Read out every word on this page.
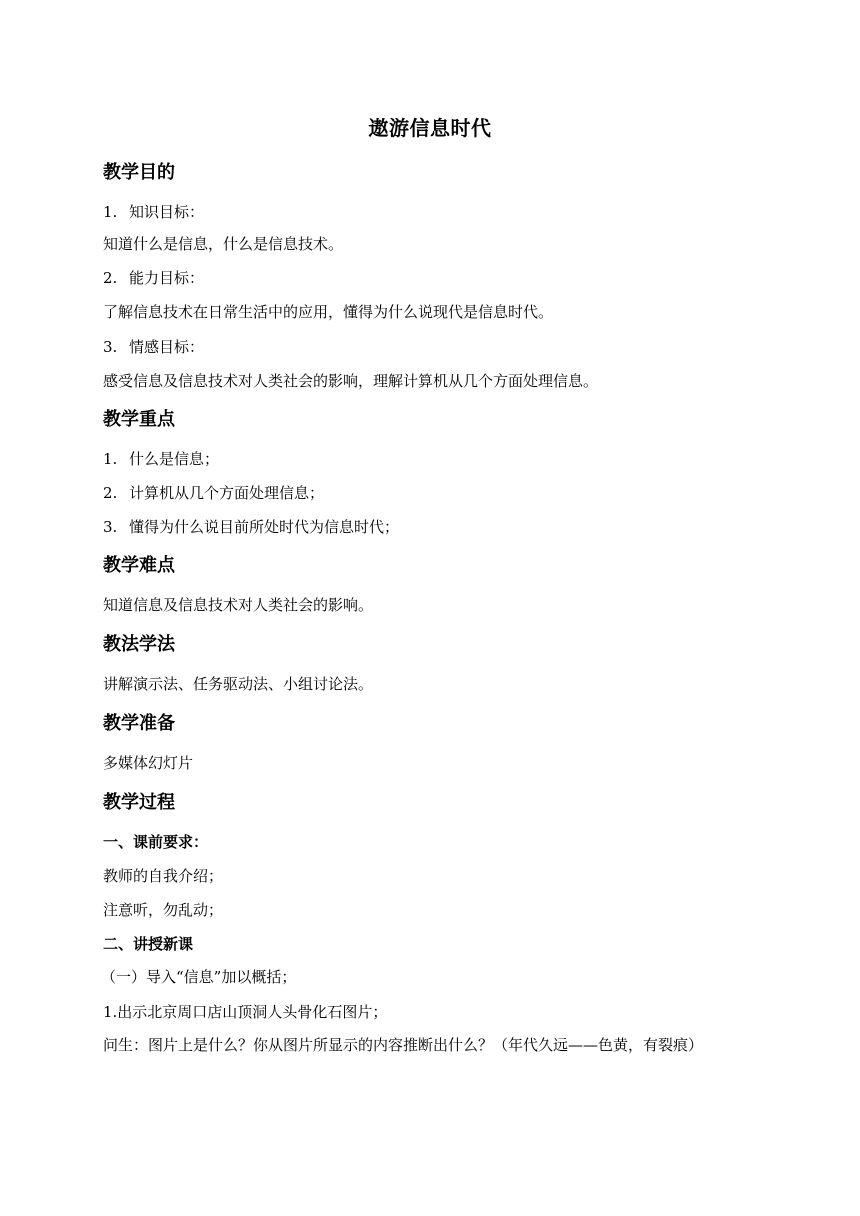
遨游信息时代
教学目的
1. 知识目标：
知道什么是信息，什么是信息技术。
2. 能力目标：
了解信息技术在日常生活中的应用，懂得为什么说现代是信息时代。
3. 情感目标：
感受信息及信息技术对人类社会的影响，理解计算机从几个方面处理信息。
教学重点
1. 什么是信息；
2. 计算机从几个方面处理信息；
3. 懂得为什么说目前所处时代为信息时代；
教学难点
知道信息及信息技术对人类社会的影响。
教法学法
讲解演示法、任务驱动法、小组讨论法。
教学准备
多媒体幻灯片
教学过程
一、课前要求：
教师的自我介绍；
注意听，勿乱动；
二、讲授新课
（一）导入“信息”加以概括；
1.出示北京周口店山顶洞人头骨化石图片；
问生：图片上是什么？你从图片所显示的内容推断出什么？（年代久远——色黄，有裂痕）
